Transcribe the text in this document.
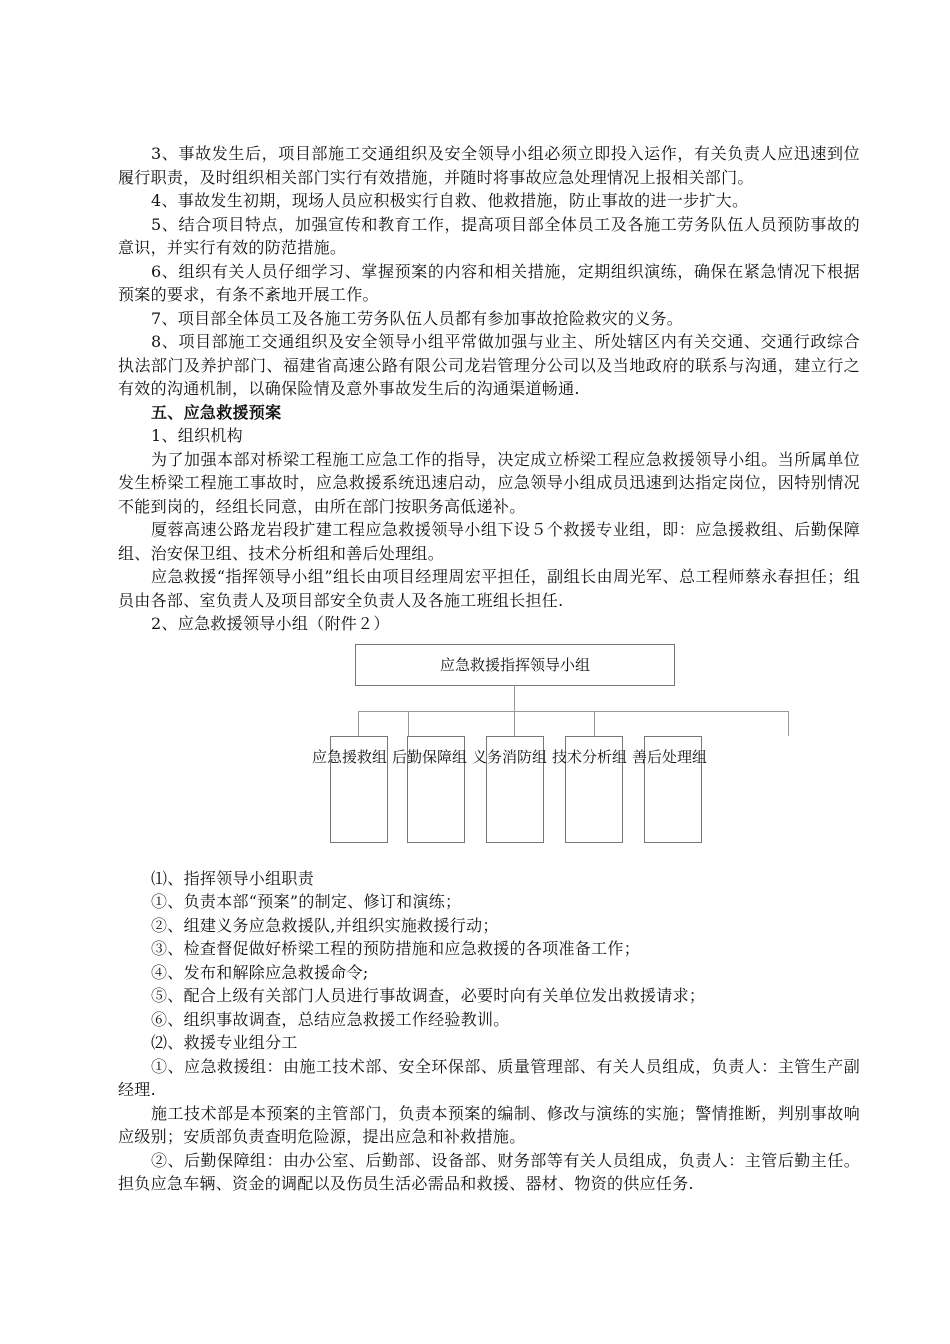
3、事故发生后，项目部施工交通组织及安全领导小组必须立即投入运作，有关负责人应迅速到位履行职责，及时组织相关部门实行有效措施，并随时将事故应急处理情况上报相关部门。

4、事故发生初期，现场人员应积极实行自救、他救措施，防止事故的进一步扩大。

5、结合项目特点，加强宣传和教育工作，提高项目部全体员工及各施工劳务队伍人员预防事故的意识，并实行有效的防范措施。

6、组织有关人员仔细学习、掌握预案的内容和相关措施，定期组织演练，确保在紧急情况下根据预案的要求，有条不紊地开展工作。

7、项目部全体员工及各施工劳务队伍人员都有参加事故抢险救灾的义务。

8、项目部施工交通组织及安全领导小组平常做加强与业主、所处辖区内有关交通、交通行政综合执法部门及养护部门、福建省高速公路有限公司龙岩管理分公司以及当地政府的联系与沟通，建立行之有效的沟通机制，以确保险情及意外事故发生后的沟通渠道畅通.

五、应急救援预案

1、组织机构

为了加强本部对桥梁工程施工应急工作的指导，决定成立桥梁工程应急救援领导小组。当所属单位发生桥梁工程施工事故时，应急救援系统迅速启动，应急领导小组成员迅速到达指定岗位，因特别情况不能到岗的，经组长同意，由所在部门按职务高低递补。

厦蓉高速公路龙岩段扩建工程应急救援领导小组下设５个救援专业组，即：应急援救组、后勤保障组、治安保卫组、技术分析组和善后处理组。

应急救援“指挥领导小组”组长由项目经理周宏平担任，副组长由周光军、总工程师蔡永春担任；组员由各部、室负责人及项目部安全负责人及各施工班组长担任.

2、应急救援领导小组（附件２）

应急救援指挥领导小组
应急援救组 后勤保障组 义务消防组 技术分析组 善后处理组

⑴、指挥领导小组职责

①、负责本部“预案”的制定、修订和演练；

②、组建义务应急救援队,并组织实施救援行动；

③、检查督促做好桥梁工程的预防措施和应急救援的各项准备工作；

④、发布和解除应急救援命令;

⑤、配合上级有关部门人员进行事故调查，必要时向有关单位发出救援请求；

⑥、组织事故调查，总结应急救援工作经验教训。

⑵、救援专业组分工

①、应急救援组：由施工技术部、安全环保部、质量管理部、有关人员组成，负责人：主管生产副经理.

施工技术部是本预案的主管部门，负责本预案的编制、修改与演练的实施；警情推断，判别事故响应级别；安质部负责查明危险源，提出应急和补救措施。

②、后勤保障组：由办公室、后勤部、设备部、财务部等有关人员组成，负责人：主管后勤主任。担负应急车辆、资金的调配以及伤员生活必需品和救援、器材、物资的供应任务.
